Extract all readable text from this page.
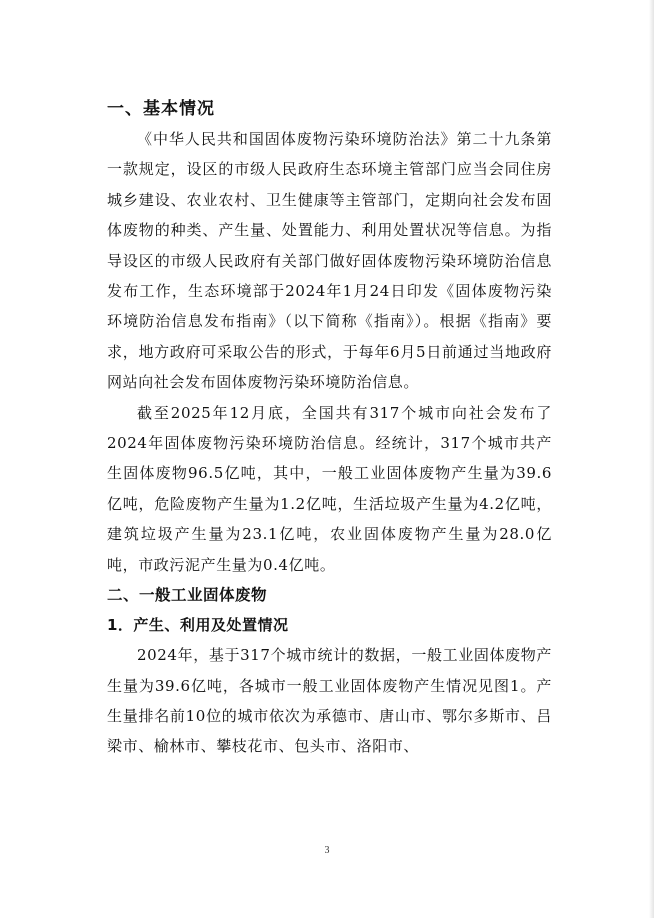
一、基本情况

《中华人民共和国固体废物污染环境防治法》第二十九条第一款规定，设区的市级人民政府生态环境主管部门应当会同住房城乡建设、农业农村、卫生健康等主管部门，定期向社会发布固体废物的种类、产生量、处置能力、利用处置状况等信息。为指导设区的市级人民政府有关部门做好固体废物污染环境防治信息发布工作，生态环境部于2024年1月24日印发《固体废物污染环境防治信息发布指南》（以下简称《指南》）。根据《指南》要求，地方政府可采取公告的形式，于每年6月5日前通过当地政府网站向社会发布固体废物污染环境防治信息。

截至2025年12月底，全国共有317个城市向社会发布了2024年固体废物污染环境防治信息。经统计，317个城市共产生固体废物96.5亿吨，其中，一般工业固体废物产生量为39.6亿吨，危险废物产生量为1.2亿吨，生活垃圾产生量为4.2亿吨，建筑垃圾产生量为23.1亿吨，农业固体废物产生量为28.0亿吨，市政污泥产生量为0.4亿吨。

二、一般工业固体废物
1．产生、利用及处置情况

2024年，基于317个城市统计的数据，一般工业固体废物产生量为39.6亿吨，各城市一般工业固体废物产生情况见图1。产生量排名前10位的城市依次为承德市、唐山市、鄂尔多斯市、吕梁市、榆林市、攀枝花市、包头市、洛阳市、

3
